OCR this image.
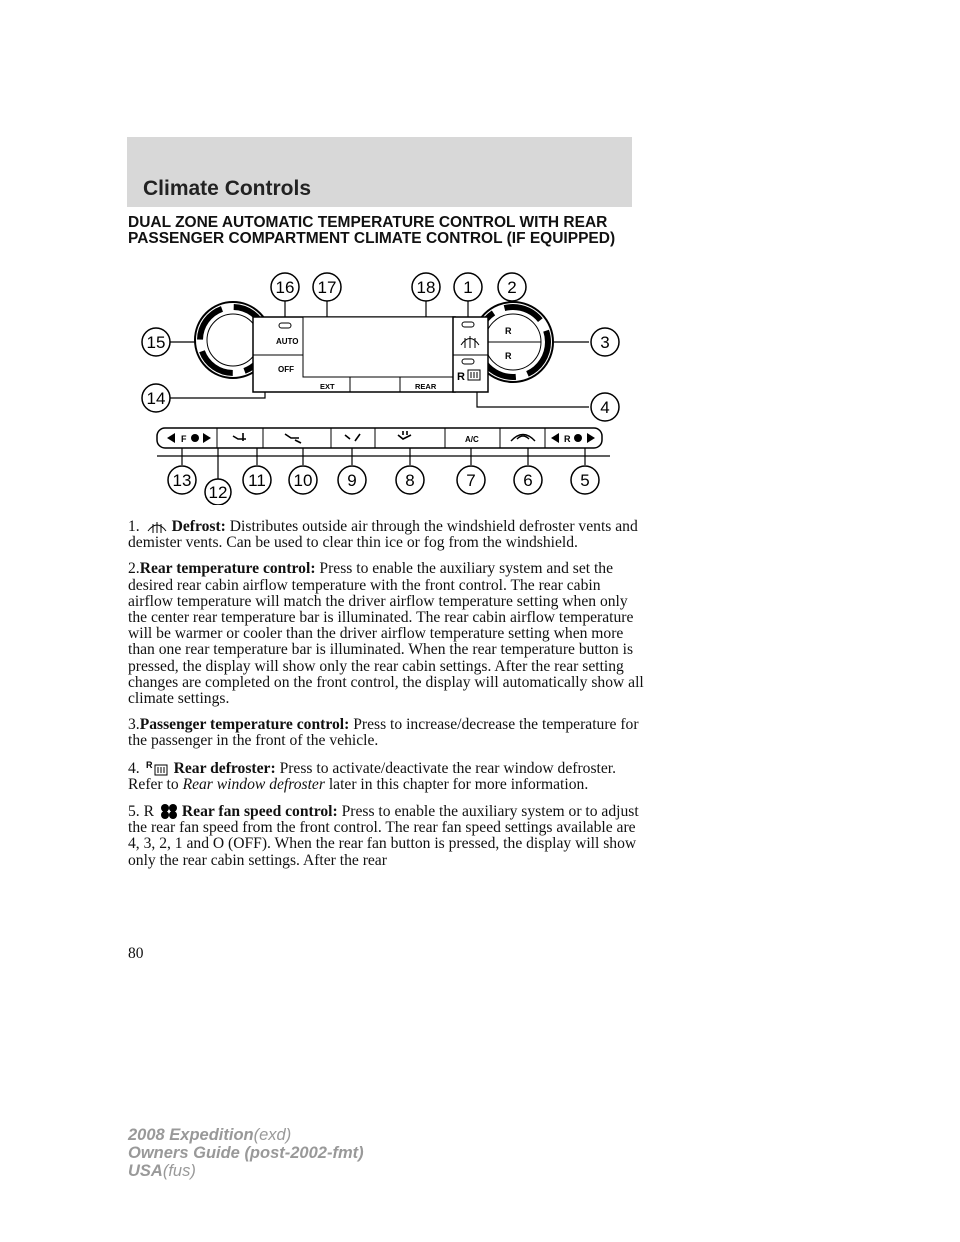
Climate Controls
DUAL ZONE AUTOMATIC TEMPERATURE CONTROL WITH REAR
PASSENGER COMPARTMENT CLIMATE CONTROL (IF EQUIPPED)
R
R
AUTO
OFF
EXT	REAR
R
F	A/C	R
16 17	18 1 2
15	3
14	4
13
12
11 10 9	8	7	6	5

1. Defrost: Distributes outside air through the windshield defroster vents and demister vents. Can be used to clear thin ice or fog from the windshield.

2.Rear temperature control: Press to enable the auxiliary system and set the desired rear cabin airflow temperature with the front control. The rear cabin airflow temperature will match the driver airflow temperature setting when only the center rear temperature bar is illuminated. The rear cabin airflow temperature will be warmer or cooler than the driver airflow temperature setting when more than one rear temperature bar is illuminated. When the rear temperature button is pressed, the display will show only the rear cabin settings. After the rear setting changes are completed on the front control, the display will automatically show all climate settings.

3.Passenger temperature control: Press to increase/decrease the temperature for the passenger in the front of the vehicle.

4. R Rear defroster: Press to activate/deactivate the rear window defroster. Refer to Rear window defroster later in this chapter for more information.

5. R Rear fan speed control: Press to enable the auxiliary system or to adjust the rear fan speed from the front control. The rear fan speed settings available are 4, 3, 2, 1 and O (OFF). When the rear fan button is pressed, the display will show only the rear cabin settings. After the rear

80
2008 Expedition(exd)
Owners Guide (post-2002-fmt)
USA(fus)
